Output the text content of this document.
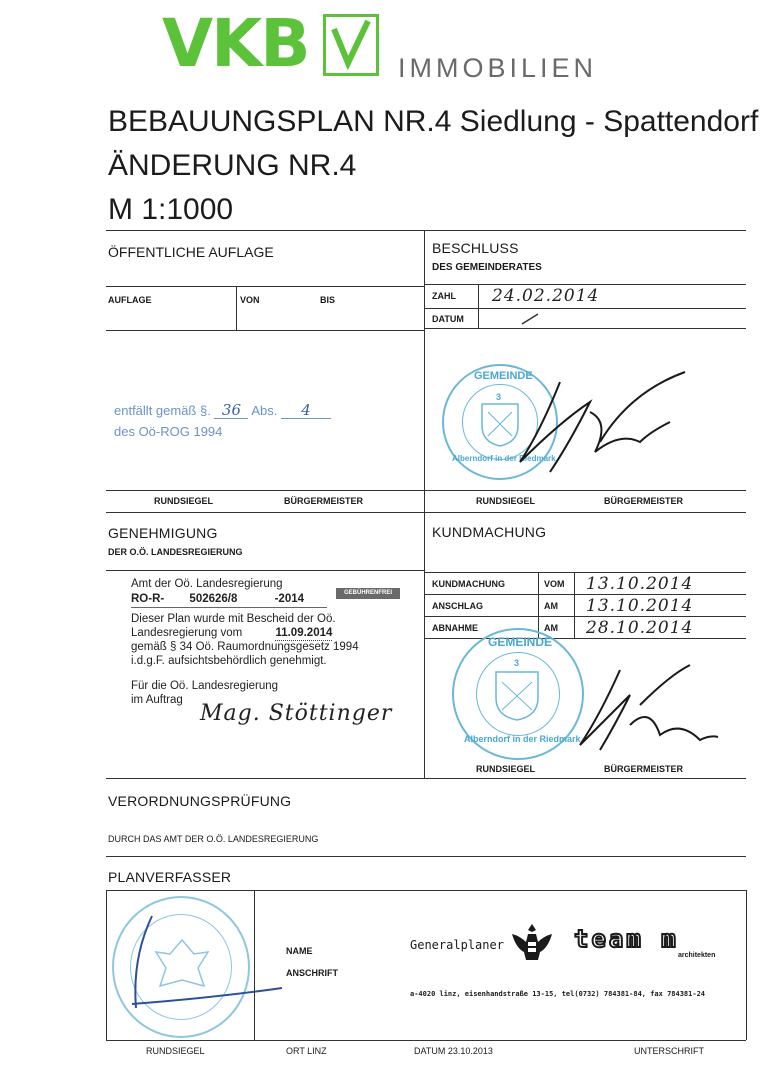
VKB	IMMOBILIEN
BEBAUUNGSPLAN NR.4 Siedlung - Spattendorf
ÄNDERUNG NR.4
M 1:1000
ÖFFENTLICHE AUFLAGE
AUFLAGE	VON	BIS
entfällt gemäß §. 36 Abs. 4
des Oö-ROG 1994
RUNDSIEGEL	BÜRGERMEISTER
BESCHLUSS
DES GEMEINDERATES
ZAHL 24.02.2014
DATUM
GEMEINDE
3
Alberndorf in der Riedmark
RUNDSIEGEL	BÜRGERMEISTER
GENEHMIGUNG
DER O.Ö. LANDESREGIERUNG
Amt der Oö. Landesregierung
RO-R- 502626/8	-2014	GEBÜHRENFREI
Dieser Plan wurde mit Bescheid der Oö.
Landesregierung vom	11.09.2014
gemäß § 34 Oö. Raumordnungsgesetz 1994
i.d.g.F. aufsichtsbehördlich genehmigt.
Für die Oö. Landesregierung
im Auftrag
Mag. Stöttinger
KUNDMACHUNG
KUNDMACHUNG	VOM 13.10.2014
ANSCHLAG	AM 13.10.2014
ABNAHME	AM 28.10.2014
GEMEINDE
3
Alberndorf in der Riedmark
RUNDSIEGEL	BÜRGERMEISTER
VERORDNUNGSPRÜFUNG
DURCH DAS AMT DER O.Ö. LANDESREGIERUNG
PLANVERFASSER
NAME
ANSCHRIFT
Generalplaner	team m
architekten
a-4020 linz, eisenhandstraße 13-15, tel(0732) 784381-84, fax 784381-24
RUNDSIEGEL	ORT LINZ	DATUM 23.10.2013	UNTERSCHRIFT
